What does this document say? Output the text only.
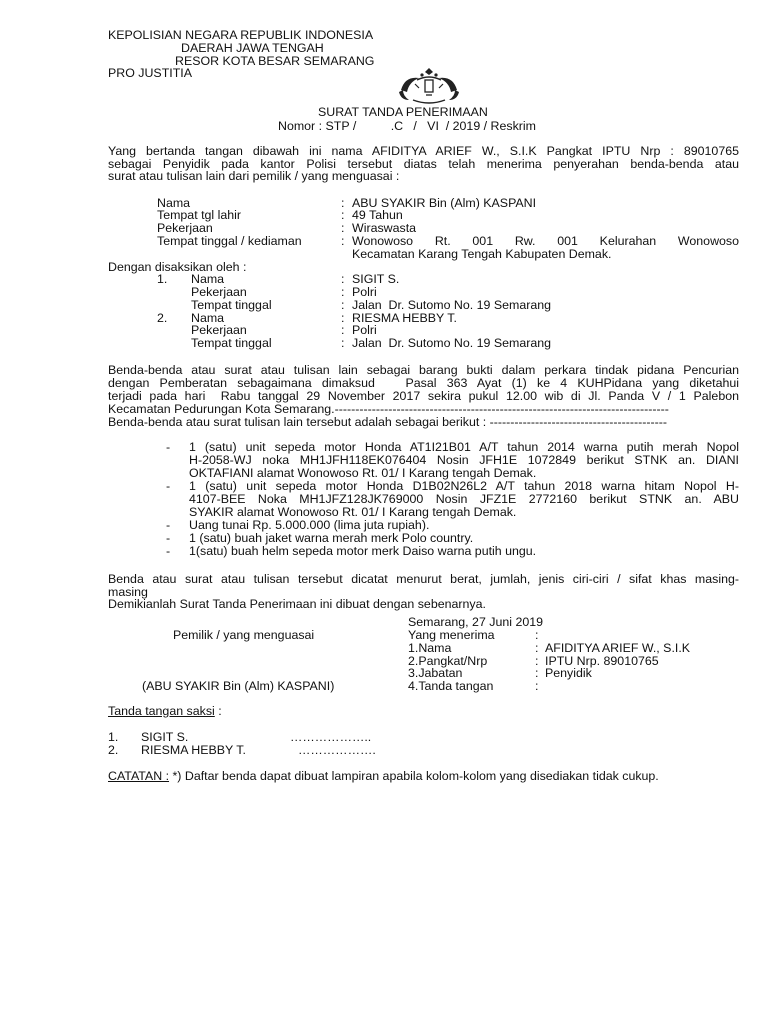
KEPOLISIAN NEGARA REPUBLIK INDONESIA
DAERAH JAWA TENGAH
RESOR KOTA BESAR SEMARANG
PRO JUSTITIA
SURAT TANDA PENERIMAAN
Nomor : STP /          .C   /   VI  / 2019 / Reskrim
Yang bertanda tangan dibawah ini nama AFIDITYA ARIEF W., S.I.K Pangkat IPTU Nrp : 89010765
sebagai Penyidik pada kantor Polisi tersebut diatas telah menerima penyerahan benda-benda atau
surat atau tulisan lain dari pemilik / yang menguasai :
Nama	: ABU SYAKIR Bin (Alm) KASPANI
Tempat tgl lahir	: 49 Tahun
Pekerjaan	: Wiraswasta
Tempat tinggal / kediaman	: Wonowoso   Rt.   001   Rw.   001   Kelurahan   Wonowoso
Kecamatan Karang Tengah Kabupaten Demak.
Dengan disaksikan oleh :
1. Nama	: SIGIT S.
Pekerjaan	: Polri
Tempat tinggal	: Jalan  Dr. Sutomo No. 19 Semarang
2. Nama	: RIESMA HEBBY T.
Pekerjaan	: Polri
Tempat tinggal	: Jalan  Dr. Sutomo No. 19 Semarang
Benda-benda atau surat atau tulisan lain sebagai barang bukti dalam perkara tindak pidana Pencurian
dengan Pemberatan sebagaimana dimaksud   Pasal 363 Ayat (1) ke 4 KUHPidana yang diketahui
terjadi pada hari  Rabu tanggal 29 November 2017 sekira pukul 12.00 wib di Jl. Panda V / 1 Palebon
Kecamatan Pedurungan Kota Semarang.---------------------------------------------------------------------------------
Benda-benda atau surat tulisan lain tersebut adalah sebagai berikut : -------------------------------------------
- 1 (satu) unit sepeda motor Honda AT1I21B01 A/T tahun 2014 warna putih merah Nopol
H-2058-WJ noka MH1JFH118EK076404 Nosin JFH1E 1072849 berikut STNK an. DIANI
OKTAFIANI alamat Wonowoso Rt. 01/ I Karang tengah Demak.
- 1 (satu) unit sepeda motor Honda D1B02N26L2 A/T tahun 2018 warna hitam Nopol H-
4107-BEE Noka MH1JFZ128JK769000 Nosin JFZ1E 2772160 berikut STNK an. ABU
SYAKIR alamat Wonowoso Rt. 01/ I Karang tengah Demak.
- Uang tunai Rp. 5.000.000 (lima juta rupiah).
- 1 (satu) buah jaket warna merah merk Polo country.
- 1(satu) buah helm sepeda motor merk Daiso warna putih ungu.
Benda atau surat atau tulisan tersebut dicatat menurut berat, jumlah, jenis ciri-ciri / sifat khas masing-
masing
Demikianlah Surat Tanda Penerimaan ini dibuat dengan sebenarnya.
Semarang, 27 Juni 2019
Pemilik / yang menguasai	Yang menerima	:
1.Nama	: AFIDITYA ARIEF W., S.I.K
2.Pangkat/Nrp	: IPTU Nrp. 89010765
3.Jabatan	: Penyidik
(ABU SYAKIR Bin (Alm) KASPANI)	4.Tanda tangan	:
Tanda tangan saksi :
1. SIGIT S.	………………..
2. RIESMA HEBBY T.	……………….
CATATAN : *) Daftar benda dapat dibuat lampiran apabila kolom-kolom yang disediakan tidak cukup.
